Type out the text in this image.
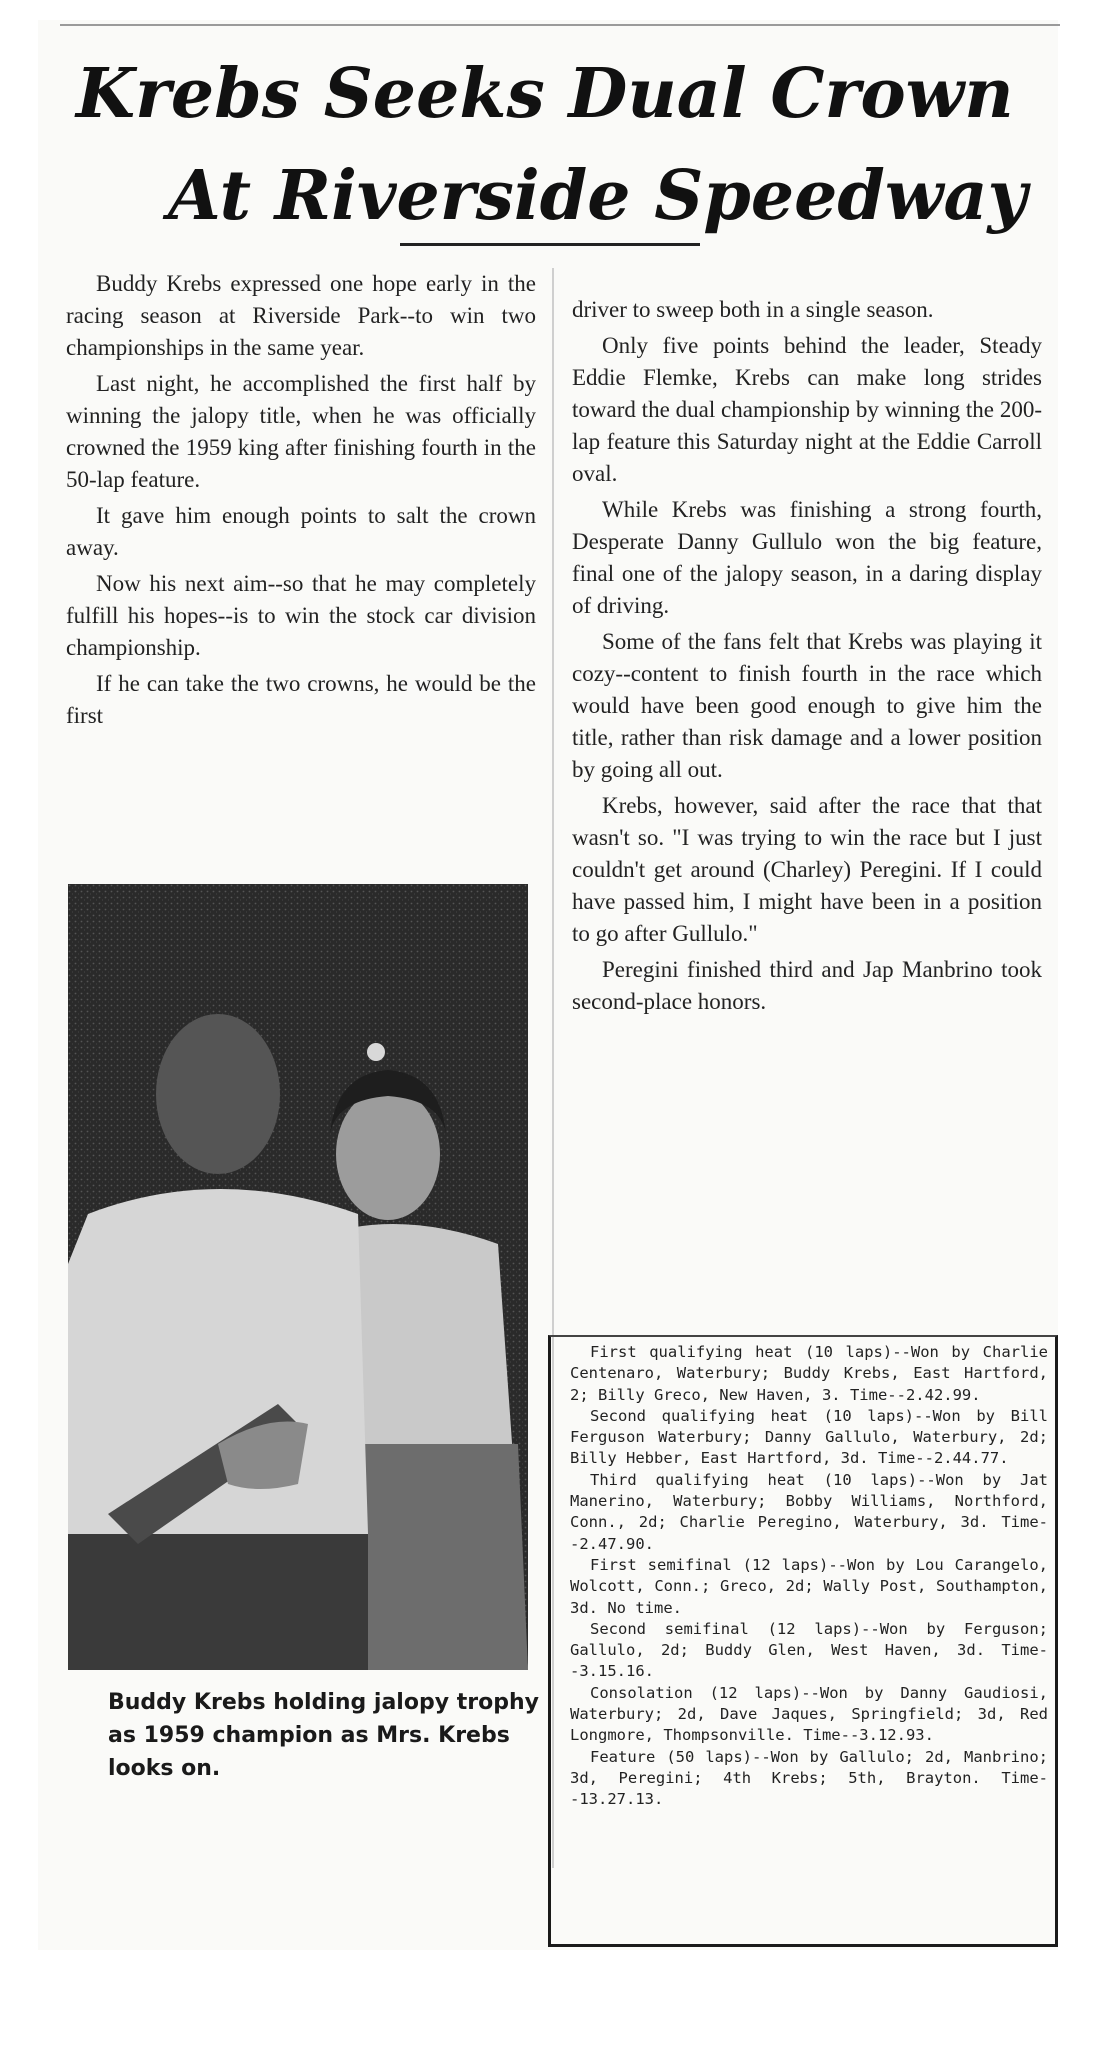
Krebs Seeks Dual Crown
At Riverside Speedway

Buddy Krebs expressed one hope early in the racing season at Riverside Park--to win two championships in the same year.

Last night, he accomplished the first half by winning the jalopy title, when he was officially crowned the 1959 king after finishing fourth in the 50-lap feature.

It gave him enough points to salt the crown away.

Now his next aim--so that he may completely fulfill his hopes--is to win the stock car division championship.

If he can take the two crowns, he would be the first

driver to sweep both in a single season.

Only five points behind the leader, Steady Eddie Flemke, Krebs can make long strides toward the dual championship by winning the 200-lap feature this Saturday night at the Eddie Carroll oval.

While Krebs was finishing a strong fourth, Desperate Danny Gullulo won the big feature, final one of the jalopy season, in a daring display of driving.

Some of the fans felt that Krebs was playing it cozy--content to finish fourth in the race which would have been good enough to give him the title, rather than risk damage and a lower position by going all out.

Krebs, however, said after the race that that wasn't so. "I was trying to win the race but I just couldn't get around (Charley) Peregini. If I could have passed him, I might have been in a position to go after Gullulo."

Peregini finished third and Jap Manbrino took second-place honors.

Buddy Krebs holding jalopy trophy as 1959 champion as Mrs. Krebs looks on.

First qualifying heat (10 laps)--Won by Charlie Centenaro, Waterbury; Buddy Krebs, East Hartford, 2; Billy Greco, New Haven, 3. Time--2.42.99.

Second qualifying heat (10 laps)--Won by Bill Ferguson Waterbury; Danny Gallulo, Waterbury, 2d; Billy Hebber, East Hartford, 3d. Time--2.44.77.

Third qualifying heat (10 laps)--Won by Jat Manerino, Waterbury; Bobby Williams, Northford, Conn., 2d; Charlie Peregino, Waterbury, 3d. Time--2.47.90.

First semifinal (12 laps)--Won by Lou Carangelo, Wolcott, Conn.; Greco, 2d; Wally Post, Southampton, 3d. No time.

Second semifinal (12 laps)--Won by Ferguson; Gallulo, 2d; Buddy Glen, West Haven, 3d. Time--3.15.16.

Consolation (12 laps)--Won by Danny Gaudiosi, Waterbury; 2d, Dave Jaques, Springfield; 3d, Red Longmore, Thompsonville. Time--3.12.93.

Feature (50 laps)--Won by Gallulo; 2d, Manbrino; 3d, Peregini; 4th Krebs; 5th, Brayton. Time--13.27.13.
